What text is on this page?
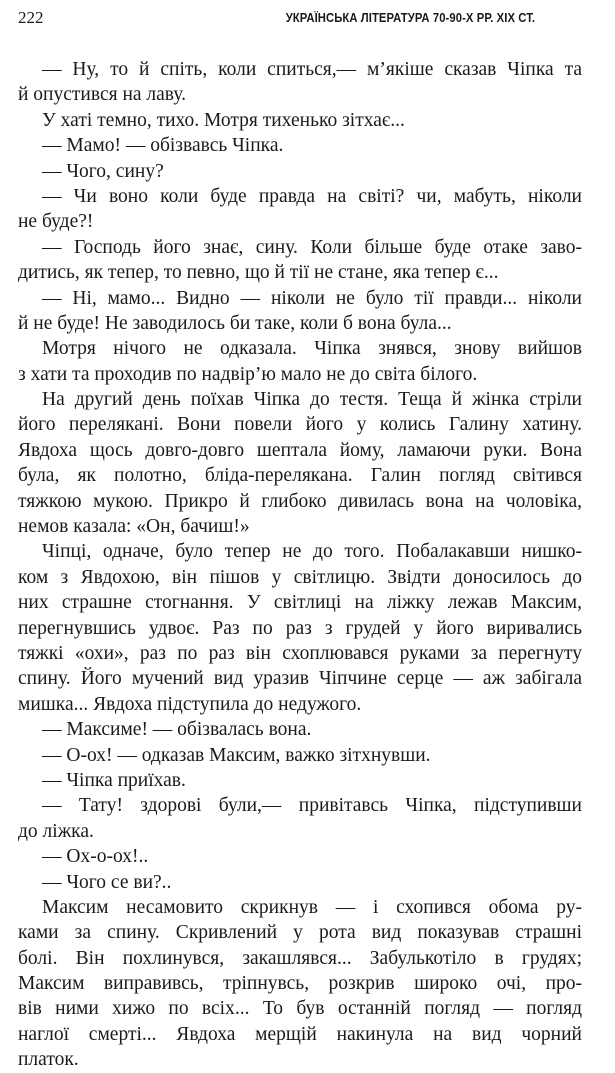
222	УКРАЇНСЬКА ЛІТЕРАТУРА 70-90-Х РР. XIX СТ.
— Ну, то й спіть, коли спиться,— м’якіше сказав Чіпка та
й опустився на лаву.
У хаті темно, тихо. Мотря тихенько зітхає...
— Мамо! — обізвавсь Чіпка.
— Чого, сину?
— Чи воно коли буде правда на світі? чи, мабуть, ніколи
не буде?!
— Господь його знає, сину. Коли більше буде отаке заво-
дитись, як тепер, то певно, що й тії не стане, яка тепер є...
— Ні, мамо... Видно — ніколи не було тії правди... ніколи
й не буде! Не заводилось би таке, коли б вона була...
Мотря нічого не одказала. Чіпка знявся, знову вийшов
з хати та проходив по надвір’ю мало не до світа білого.
На другий день поїхав Чіпка до тестя. Теща й жінка стріли
його перелякані. Вони повели його у колись Галину хатину.
Явдоха щось довго-довго шептала йому, ламаючи руки. Вона
була, як полотно, бліда-перелякана. Галин погляд світився
тяжкою мукою. Прикро й глибоко дивилась вона на чоловіка,
немов казала: «Он, бачиш!»
Чіпці, одначе, було тепер не до того. Побалакавши нишко-
ком з Явдохою, він пішов у світлицю. Звідти доносилось до
них страшне стогнання. У світлиці на ліжку лежав Максим,
перегнувшись удвоє. Раз по раз з грудей у його виривались
тяжкі «охи», раз по раз він схоплювався руками за перегнуту
спину. Його мучений вид уразив Чіпчине серце — аж забігала
мишка... Явдоха підступила до недужого.
— Максиме! — обізвалась вона.
— О-ох! — одказав Максим, важко зітхнувши.
— Чіпка приїхав.
— Тату! здорові були,— привітавсь Чіпка, підступивши
до ліжка.
— Ох-о-ох!..
— Чого се ви?..
Максим несамовито скрикнув — і схопився обома ру-
ками за спину. Скривлений у рота вид показував страшні
болі. Він похлинувся, закашлявся... Забулькотіло в грудях;
Максим виправивсь, тріпнувсь, розкрив широко очі, про-
вів ними хижо по всіх... То був останній погляд — погляд
наглої смерті... Явдоха мерщій накинула на вид чорний
платок.
